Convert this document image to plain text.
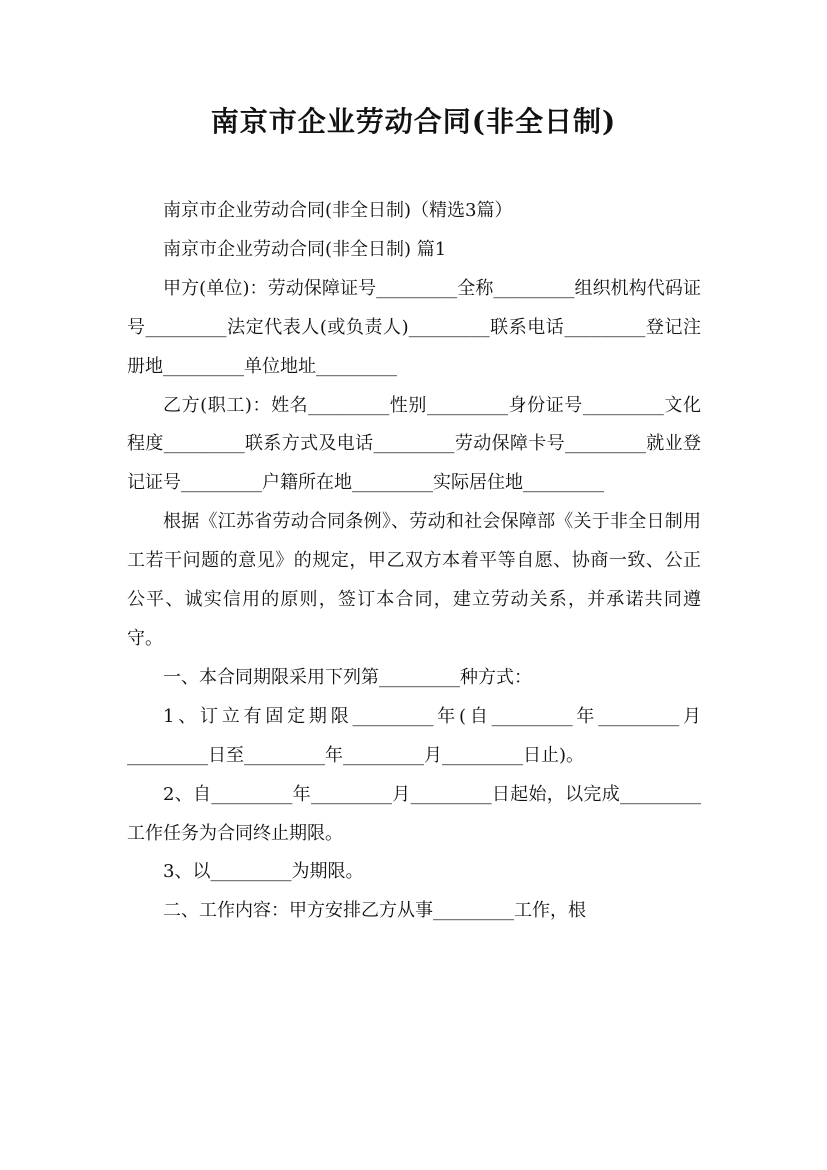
南京市企业劳动合同(非全日制)

南京市企业劳动合同(非全日制)（精选3篇）

南京市企业劳动合同(非全日制) 篇1

甲方(单位)：劳动保障证号_________全称_________组织机构代码证号_________法定代表人(或负责人)_________联系电话_________登记注册地_________单位地址_________

乙方(职工)：姓名_________性别_________身份证号_________文化程度_________联系方式及电话_________劳动保障卡号_________就业登记证号_________户籍所在地_________实际居住地_________

根据《江苏省劳动合同条例》、劳动和社会保障部《关于非全日制用工若干问题的意见》的规定，甲乙双方本着平等自愿、协商一致、公正公平、诚实信用的原则，签订本合同，建立劳动关系，并承诺共同遵守。

一、本合同期限采用下列第_________种方式：

1、订立有固定期限_________年(自_________年_________月_________日至_________年_________月_________日止)。

2、自_________年_________月_________日起始，以完成_________工作任务为合同终止期限。

3、以_________为期限。

二、工作内容：甲方安排乙方从事_________工作，根
